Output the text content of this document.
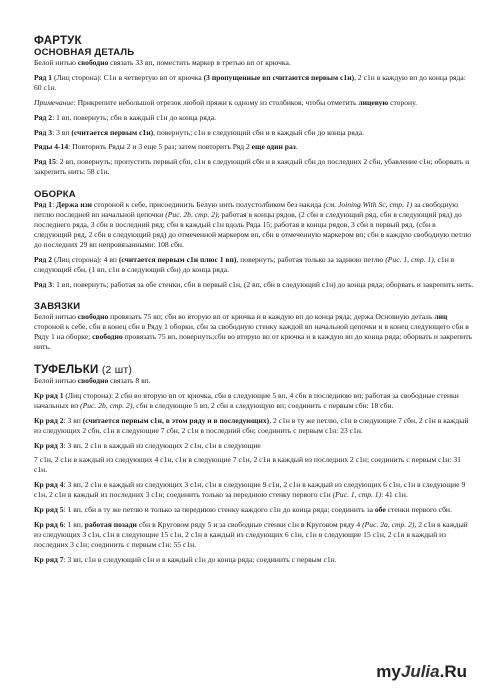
ФАРТУК
ОСНОВНАЯ ДЕТАЛЬ

Белой нитью свободно связать 33 вп, поместить маркер в третью вп от крючка.

Ряд 1 (Лиц сторона): С1н в четвертую вп от крючка (3 пропущенные вп считаются первым с1н), 2 с1н в каждую вп до конца ряда: 60 с1н.

Примечание: Прикрепите небольшой отрезок любой пряжи к одному из столбиков, чтобы отметить лицевую сторону.

Ряд 2: 1 вп, повернуть; сбн в каждый с1н до конца ряда.

Ряд 3: 3 вп (считается первым с1н), повернуть; с1н в следующий сбн и в каждый сбн до конца ряда.

Ряды 4-14: Повторить Ряды 2 и 3 еще 5 раз; затем повторить Ряд 2 еще один раз.

Ряд 15: 2 вп, повернуть; пропустить первый сбн, с1н в следующий сбн и в каждый сбн до последних 2 сбн, убавление с1н; оборвать и закрепить нить: 58 с1н.

ОБОРКА

Ряд 1: Держа изн стороной к себе, присоединить Белую нить полустолбиком без накида (см. Joining With Sc, стр. 1) за свободную петлю последней вп начальной цепочки (Рис. 2b, стр. 2); работая в концы рядов, (2 сбн в следующий ряд, сбн в следующий ряд) до последнего ряда, 3 сбн в последний ряд; сбн в каждый с1н вдоль Ряда 15; работая в концы рядов, 3 сбн в первый ряд, (сбн в следующий ряд, 2 сбн в следующий ряд) до отмеченной маркером вп, сбн в отмеченную маркером вп; сбн в каждую свободную петлю до последних 29 вп непровязанными: 108 сбн.

Ряд 2 (Лиц сторона): 4 вп (считается первым с1н плюс 1 вп), повернуть; работая только за заднюю петлю (Рис. 1, стр. 1), с1н в следующий сбн, (1 вп, с1н в следующий сбн) до конца ряда.

Ряд 3: 1 вп, повернуть; работая за обе стенки, сбн в первый с1н, (2 вп, сбн в следующий с1н) до конца ряда; оборвать и закрепить нить.

ЗАВЯЗКИ

Белой нитью свободно провязать 75 вп; сбн во вторую вп от крючка и в каждую вп до конца ряда; держа Основную деталь лиц стороной к себе, сбн в конец сбн в Ряду 1 оборки, сбн за свободную стенку каждой вп начальной цепочки и в конец следующего сбн в Ряду 1 на оборке; свободно провязать 75 вп, повернуть;сбн во вторую вп от крючка и в каждую вп до конца ряда; оборвать и закрепить нить.

ТУФЕЛЬКИ (2 шт)

Белой нитью свободно связать 8 вп.

Кр ряд 1 (Лиц сторона): 2 сбн во вторую вп от крючка, сбн в следующие 5 вп, 4 сбн в последнюю вп; работая за свободные стенки начальных вп (Рис. 2b, стр. 2), сбн в следующие 5 вп, 2 сбн в следующую вп; соединить с первым сбн: 18 сбн.

Кр ряд 2: 3 вп (считается первым с1н, в этом ряду и в последующих), 2 с1н в ту же петлю, с1н в следующие 7 сбн, 2 с1н в каждый из следующих 2 сбн, с1н в следующие 7 сбн, 2 с1н в последний сбн; соединить с первым с1н: 23 с1н.

Кр ряд 3: 3 вп, 2 с1н в каждый из следующих 2 с1н, с1н в следующие

7 с1н, 2 с1н в каждый из следующих 4 с1н, с1н в следующие 7 с1н, 2 с1н в каждый из последних 2 с1н; соединить с первым с1н: 31 с1н.

Кр ряд 4: 3 вп, 2 с1н в каждый из следующих 3 с1н, с1н в следующие 9 с1н, 2 с1н в каждый из следующих 6 с1н, с1н в следующие 9 с1н, 2 с1н в каждый из последних 3 с1н; соединить только за переднюю стенку первого с1н (Рис. 1, стр. 1): 41 с1н.

Кр ряд 5: 1 вп, сбн в ту же петлю и только за переднюю стенку каждого с1н до конца ряда; соединить за обе стенки первого сбн.

Кр ряд 6: 1 вп, работая позади сбн в Круговом ряду 5 и за свободные стенки с1н в Круговом ряду 4 (Рис. 2a, стр. 2), 2 с1н в каждый из следующих 3 с1н, с1н в следующие 15 с1н, 2 с1н в каждый из следующих 6 с1н, с1н в следующие 15 с1н, 2 с1н в каждый из последних 3 с1н; соединить с первым с1н: 55 с1н.

Кр ряд 7: 3 вп, с1н в следующий с1н и в каждый с1н до конца ряда; соединить с первым с1н.

myJulia.Ru
